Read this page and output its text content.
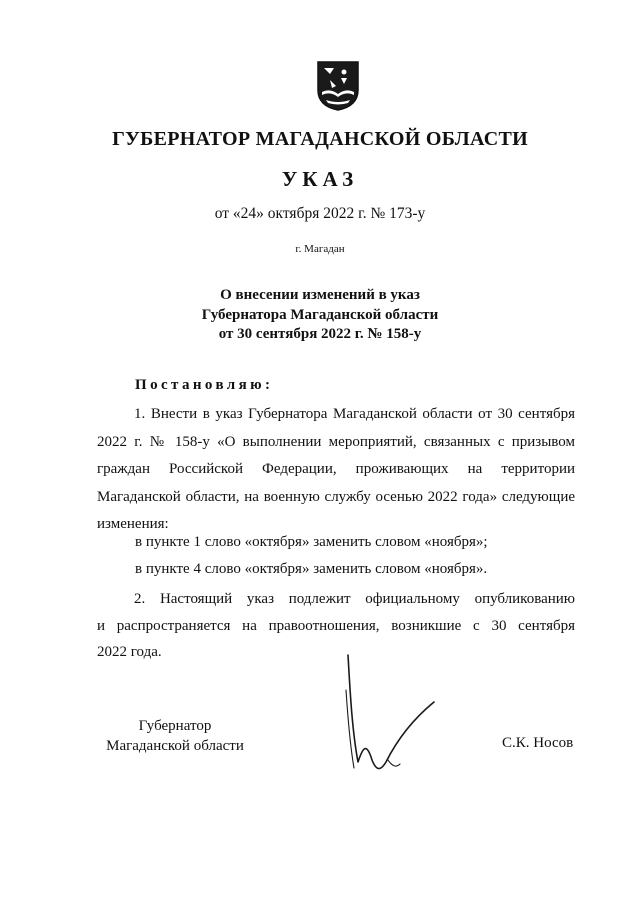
ГУБЕРНАТОР МАГАДАНСКОЙ ОБЛАСТИ
УКАЗ
от «24» октября 2022 г. № 173-у
г. Магадан
О внесении изменений в указ
Губернатора Магаданской области
от 30 сентября 2022 г. № 158-у
Постановляю:
1. Внести в указ Губернатора Магаданской области от 30 сентября
2022 г. № 158-у «О выполнении мероприятий, связанных с призывом
граждан Российской Федерации, проживающих на территории
Магаданской области, на военную службу осенью 2022 года» следующие
изменения:
в пункте 1 слово «октября» заменить словом «ноября»;
в пункте 4 слово «октября» заменить словом «ноября».
2. Настоящий указ подлежит официальному опубликованию
и распространяется на правоотношения, возникшие с 30 сентября
2022 года.
Губернатор
Магаданской области	С.К. Носов
